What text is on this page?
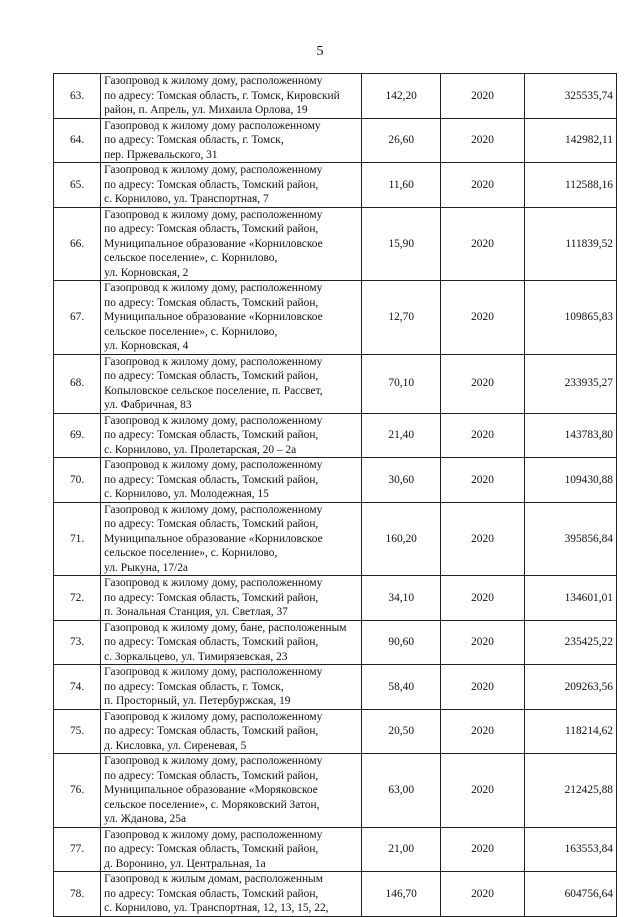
5
63.	Газопровод к жилому дому, расположенному
по адресу: Томская область, г. Томск, Кировский
район, п. Апрель, ул. Михаила Орлова, 19	142,20	2020	325535,74
64.	Газопровод к жилому дому расположенному
по адресу: Томская область, г. Томск,
пер. Пржевальского, 31	26,60	2020	142982,11
65.	Газопровод к жилому дому, расположенному
по адресу: Томская область, Томский район,
с. Корнилово, ул. Транспортная, 7	11,60	2020	112588,16
66.	Газопровод к жилому дому, расположенному
по адресу: Томская область, Томский район,
Муниципальное образование «Корниловское
сельское поселение», с. Корнилово,
ул. Корновская, 2	15,90	2020	111839,52
67.	Газопровод к жилому дому, расположенному
по адресу: Томская область, Томский район,
Муниципальное образование «Корниловское
сельское поселение», с. Корнилово,
ул. Корновская, 4	12,70	2020	109865,83
68.	Газопровод к жилому дому, расположенному
по адресу: Томская область, Томский район,
Копыловское сельское поселение, п. Рассвет,
ул. Фабричная, 83	70,10	2020	233935,27
69.	Газопровод к жилому дому, расположенному
по адресу: Томская область, Томский район,
с. Корнилово, ул. Пролетарская, 20 – 2а	21,40	2020	143783,80
70.	Газопровод к жилому дому, расположенному
по адресу: Томская область, Томский район,
с. Корнилово, ул. Молодежная, 15	30,60	2020	109430,88
71.	Газопровод к жилому дому, расположенному
по адресу: Томская область, Томский район,
Муниципальное образование «Корниловское
сельское поселение», с. Корнилово,
ул. Рыкуна, 17/2а	160,20	2020	395856,84
72.	Газопровод к жилому дому, расположенному
по адресу: Томская область, Томский район,
п. Зональная Станция, ул. Светлая, 37	34,10	2020	134601,01
73.	Газопровод к жилому дому, бане, расположенным
по адресу: Томская область, Томский район,
с. Зоркальцево, ул. Тимирязевская, 23	90,60	2020	235425,22
74.	Газопровод к жилому дому, расположенному
по адресу: Томская область, г. Томск,
п. Просторный, ул. Петербуржская, 19	58,40	2020	209263,56
75.	Газопровод к жилому дому, расположенному
по адресу: Томская область, Томский район,
д. Кисловка, ул. Сиреневая, 5	20,50	2020	118214,62
76.	Газопровод к жилому дому, расположенному
по адресу: Томская область, Томский район,
Муниципальное образование «Моряковское
сельское поселение», с. Моряковский Затон,
ул. Жданова, 25а	63,00	2020	212425,88
77.	Газопровод к жилому дому, расположенному
по адресу: Томская область, Томский район,
д. Воронино, ул. Центральная, 1а	21,00	2020	163553,84
78.	Газопровод к жилым домам, расположенным
по адресу: Томская область, Томский район,
с. Корнилово, ул. Транспортная, 12, 13, 15, 22,	146,70	2020	604756,64
